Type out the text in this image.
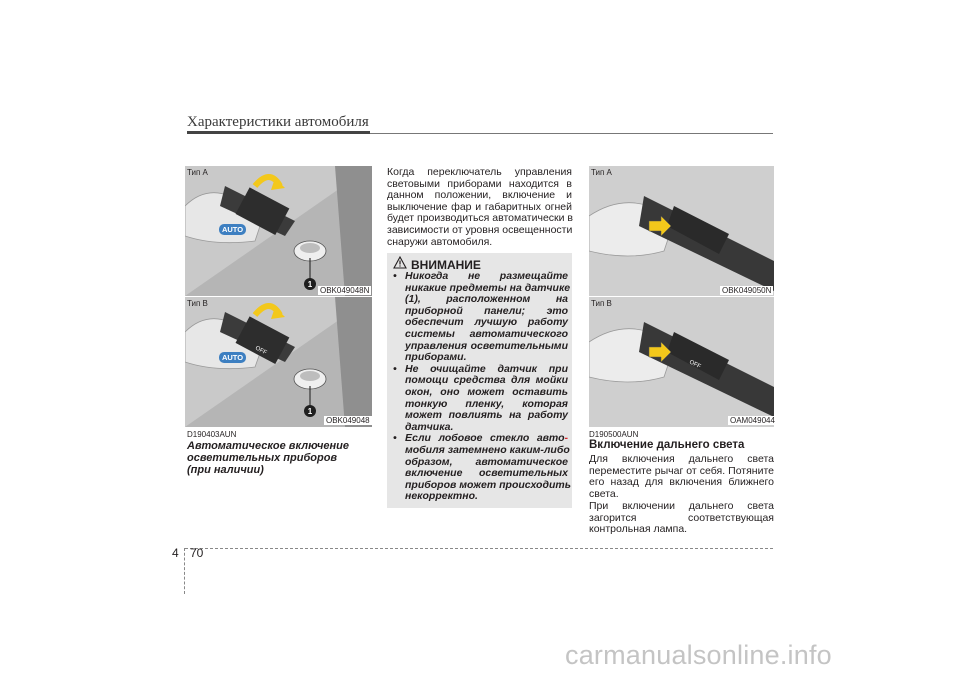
Характеристики автомобиля
1
AUTO
Тип A
OBK049048N
OFF
1
AUTO
Тип B
OBK049048
D190403AUN
Автоматическое включение
осветительных приборов
(при наличии)
Когда переключатель управления
световыми приборами находится в
данном положении, включение и
выключение фар и габаритных огней
будет производиться автоматически в
зависимости от уровня освещенности
снаружи автомобиля.
ВНИМАНИЕ
• Никогда не размещайте
никакие предметы на датчике
(1), расположенном на
приборной панели; это
обеспечит лучшую работу
системы автоматического
управления осветительными
приборами.
• Не очищайте датчик при
помощи средства для мойки
окон, оно может оставить
тонкую пленку, которая
может повлиять на работу
датчика.
• Если лобовое стекло авто-
мобиля затемнено каким-либо
образом, автоматическое
включение осветительных
приборов может происходить
некорректно.
Тип A
OBK049050N
OFF
Тип B
OAM049044
D190500AUN
Включение дальнего света
Для включения дальнего света
переместите рычаг от себя. Потяните
его назад для включения ближнего
света.
При включении дальнего света
загорится соответствующая
контрольная лампа.
4 70
carmanualsonline.info
